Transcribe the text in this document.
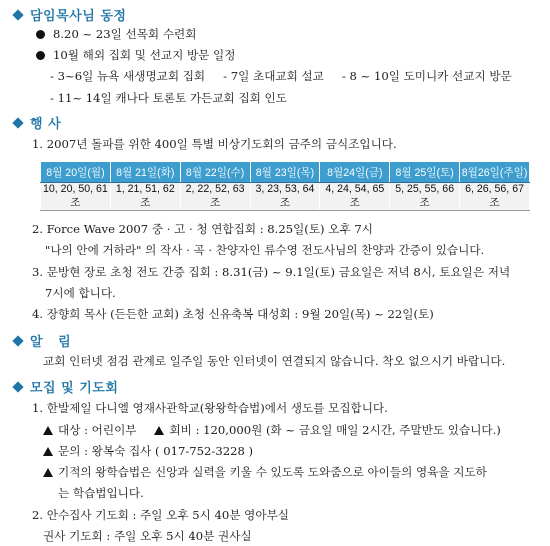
담임목사님 동정
8.20 ~ 23일 선목회 수련회
10월 해외 집회 및 선교지 방문 일정
- 3~6일 뉴욕 새생명교회 집회 - 7일 초대교회 설교 - 8 ~ 10일 도미니카 선교지 방문
- 11~ 14일 캐나다 토론토 가든교회 집회 인도
행 사
1. 2007년 돌파를 위한 400일 특별 비상기도회의 금주의 금식조입니다.
8월 20일(월)	8월 21일(화)	8월 22일(수)	8월 23일(목)	8월24일(금)	8월 25일(토)	8월26일(주일)
10, 20, 50, 61조	1, 21, 51, 62조	2, 22, 52, 63조	3, 23, 53, 64조	4, 24, 54, 65조	5, 25, 55, 66조	6, 26, 56, 67조
2. Force Wave 2007 중 · 고 · 청 연합집회 : 8.25일(토) 오후 7시
"나의 안에 거하라" 의 작사 · 곡 · 찬양자인 류수영 전도사님의 찬양과 간증이 있습니다.
3. 문방현 장로 초청 전도 간증 집회 : 8.31(금) ~ 9.1일(토) 금요일은 저녁 8시, 토요일은 저녁
7시에 합니다.
4. 장향희 목사 (든든한 교회) 초청 신유축복 대성회 : 9월 20일(목) ~ 22일(토)
알   림
교회 인터넷 점검 관계로 일주일 동안 인터넷이 연결되지 않습니다. 착오 없으시기 바랍니다.
모집 및 기도회
1. 한발제일 다니엘 영재사관학교(왕왕학습법)에서 생도를 모집합니다.
대상 : 어린이부	회비 : 120,000원 (화 ~ 금요일 매일 2시간, 주말반도 있습니다.)
문의 : 왕복숙 집사 ( 017-752-3228 )
기적의 왕학습법은 신앙과 실력을 키울 수 있도록 도와줌으로 아이들의 영육을 지도하
는 학습법입니다.
2. 안수집사 기도회 : 주일 오후 5시 40분 영아부실
권사 기도회 : 주일 오후 5시 40분 권사실
